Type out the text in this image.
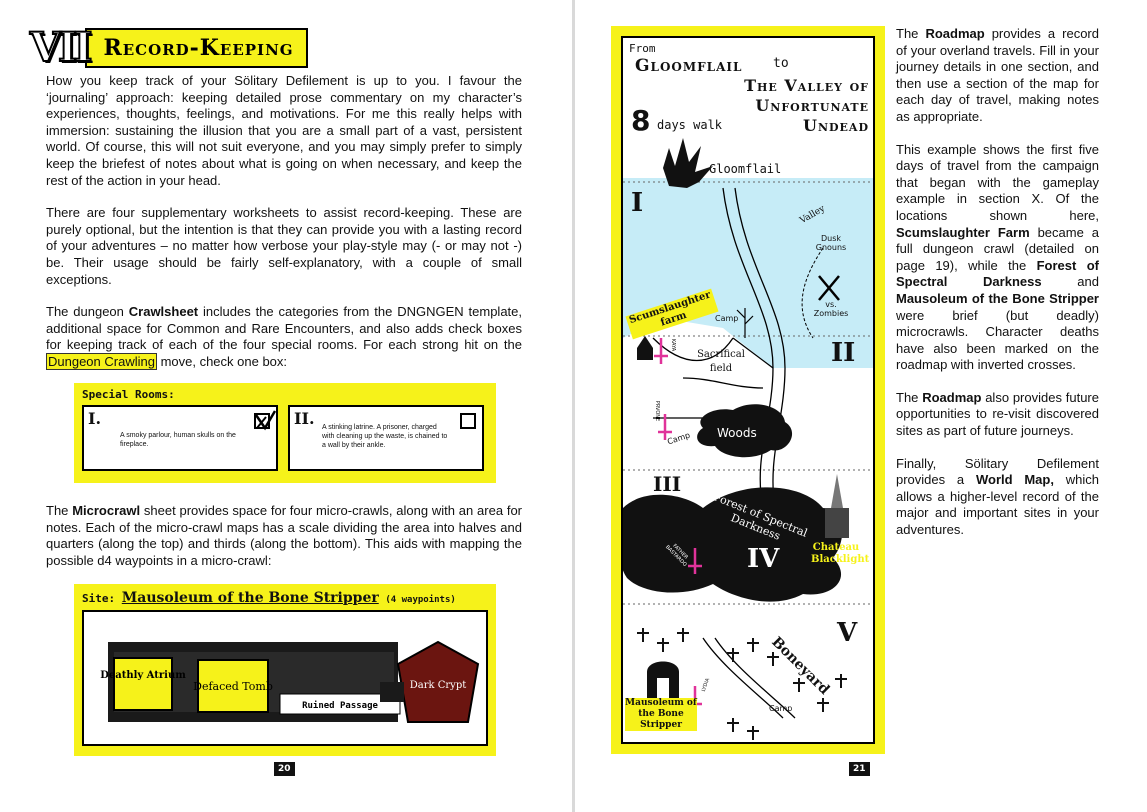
VII Record-Keeping

How you keep track of your Sölitary Defilement is up to you. I favour the ‘journaling’ approach: keeping detailed prose commentary on my character’s experiences, thoughts, feelings, and motivations. For me this really helps with immersion: sustaining the illusion that you are a small part of a vast, persistent world. Of course, this will not suit everyone, and you may simply prefer to simply keep the briefest of notes about what is going on when necessary, and keep the rest of the action in your head.

There are four supplementary worksheets to assist record-keeping. These are purely optional, but the intention is that they can provide you with a lasting record of your adventures – no matter how verbose your play-style may (- or may not -) be. Their usage should be fairly self-explanatory, with a couple of small exceptions.

The dungeon Crawlsheet includes the categories from the DNGNGEN template, additional space for Common and Rare Encounters, and also adds check boxes for keeping track of each of the four special rooms. For each strong hit on the Dungeon Crawling move, check one box:

Special Rooms:
I.
A smoky parlour, human skulls on the fireplace.
II. A stinking latrine. A prisoner, charged with cleaning up the waste, is chained to a wall by their ankle.

The Microcrawl sheet provides space for four micro-crawls, along with an area for notes. Each of the micro-crawl maps has a scale dividing the area into halves and quarters (along the top) and thirds (along the bottom). This aids with mapping the possible d4 waypoints in a micro-crawl:

Site: Mausoleum of the Bone Stripper (4 waypoints)
Deathly Atrium
Defaced Tomb
Ruined Passage
Dark Crypt
20
From
Gloomflail to
The Valley of Unfortunate Undead
8 days walk
I
II
III
IV
V
Gloomflail
Valley
Dusk Gnouns
vs. Zombies
Scumslaughter farm	Camp
Sacrifical field
Camp Woods
Forest of Spectral Darkness
Chateau Blacklight
Boneyard
Camp
Mausoleum of the Bone Stripper
KAYA
PRVONE
FATHER BASTARDO
LYDIA

The Roadmap provides a record of your overland travels. Fill in your journey details in one section, and then use a section of the map for each day of travel, making notes as appropriate.

This example shows the first five days of travel from the campaign that began with the gameplay example in section X. Of the locations shown here, Scumslaughter Farm became a full dungeon crawl (detailed on page 19), while the Forest of Spectral Darkness and Mausoleum of the Bone Stripper were brief (but deadly) microcrawls. Character deaths have also been marked on the roadmap with inverted crosses.

The Roadmap also provides future opportunities to re-visit discovered sites as part of future journeys.

Finally, Sölitary Defilement provides a World Map, which allows a higher-level record of the major and important sites in your adventures.

21
